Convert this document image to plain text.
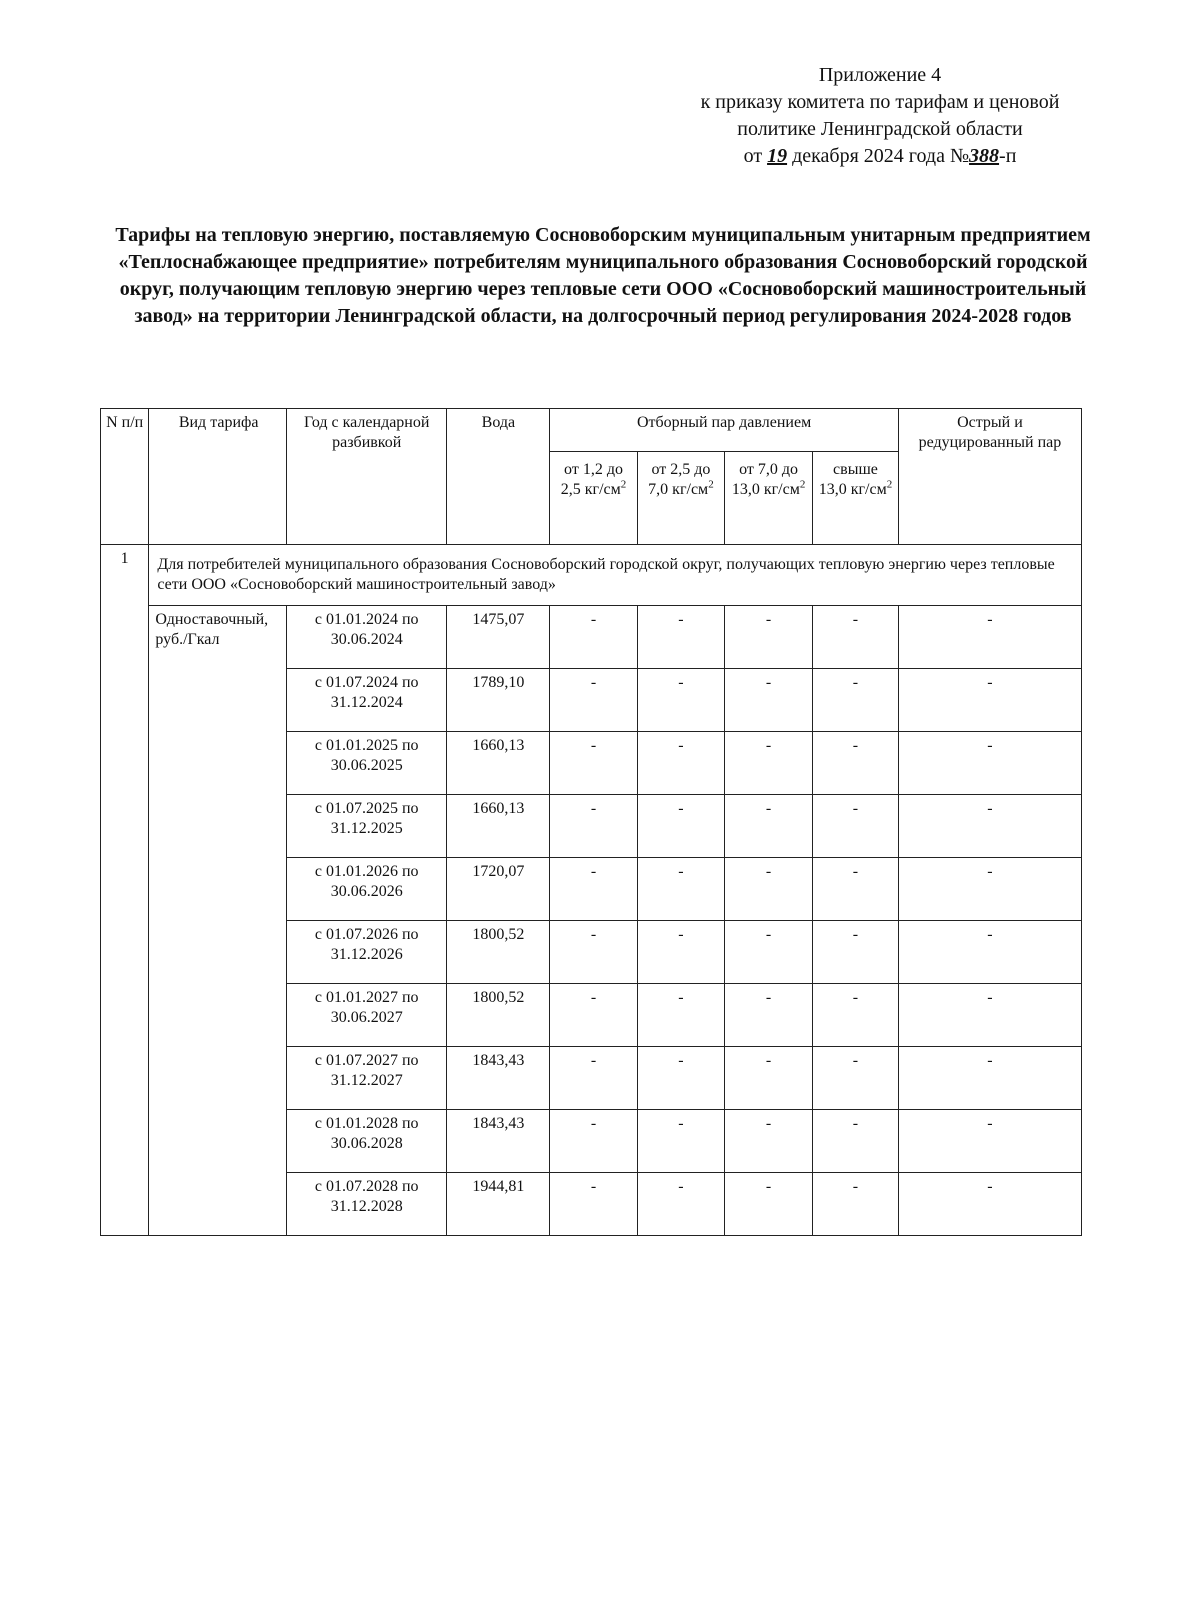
Приложение 4
к приказу комитета по тарифам и ценовой
политике Ленинградской области
от 19 декабря 2024 года №388-п
Тарифы на тепловую энергию, поставляемую Сосновоборским муниципальным унитарным предприятием «Теплоснабжающее предприятие» потребителям муниципального образования Сосновоборский городской округ, получающим тепловую энергию через тепловые сети ООО «Сосновоборский машиностроительный завод» на территории Ленинградской области, на долгосрочный период регулирования 2024-2028 годов
N п/п	Вид тарифа	Год с календарной разбивкой	Вода	Отборный пар давлением				Острый и редуцированный пар
				от 1,2 до 2,5 $кг/см^2$	от 2,5 до 7,0 $кг/см^2$	от 7,0 до 13,0 $кг/см^2$	свыше 13,0 $кг/см^2$
1	Для потребителей муниципального образования Сосновоборский городской округ, получающих тепловую энергию через тепловые сети ООО «Сосновоборский машиностроительный завод»							
	Одноставочный, руб./Гкал	с 01.01.2024 по 30.06.2024	1475,07	-	-	-	-	-
		с 01.07.2024 по 31.12.2024	1789,10	-	-	-	-	-
		с 01.01.2025 по 30.06.2025	1660,13	-	-	-	-	-
		с 01.07.2025 по 31.12.2025	1660,13	-	-	-	-	-
		с 01.01.2026 по 30.06.2026	1720,07	-	-	-	-	-
		с 01.07.2026 по 31.12.2026	1800,52	-	-	-	-	-
		с 01.01.2027 по 30.06.2027	1800,52	-	-	-	-	-
		с 01.07.2027 по 31.12.2027	1843,43	-	-	-	-	-
		с 01.01.2028 по 30.06.2028	1843,43	-	-	-	-	-
		с 01.07.2028 по 31.12.2028	1944,81	-	-	-	-	-
